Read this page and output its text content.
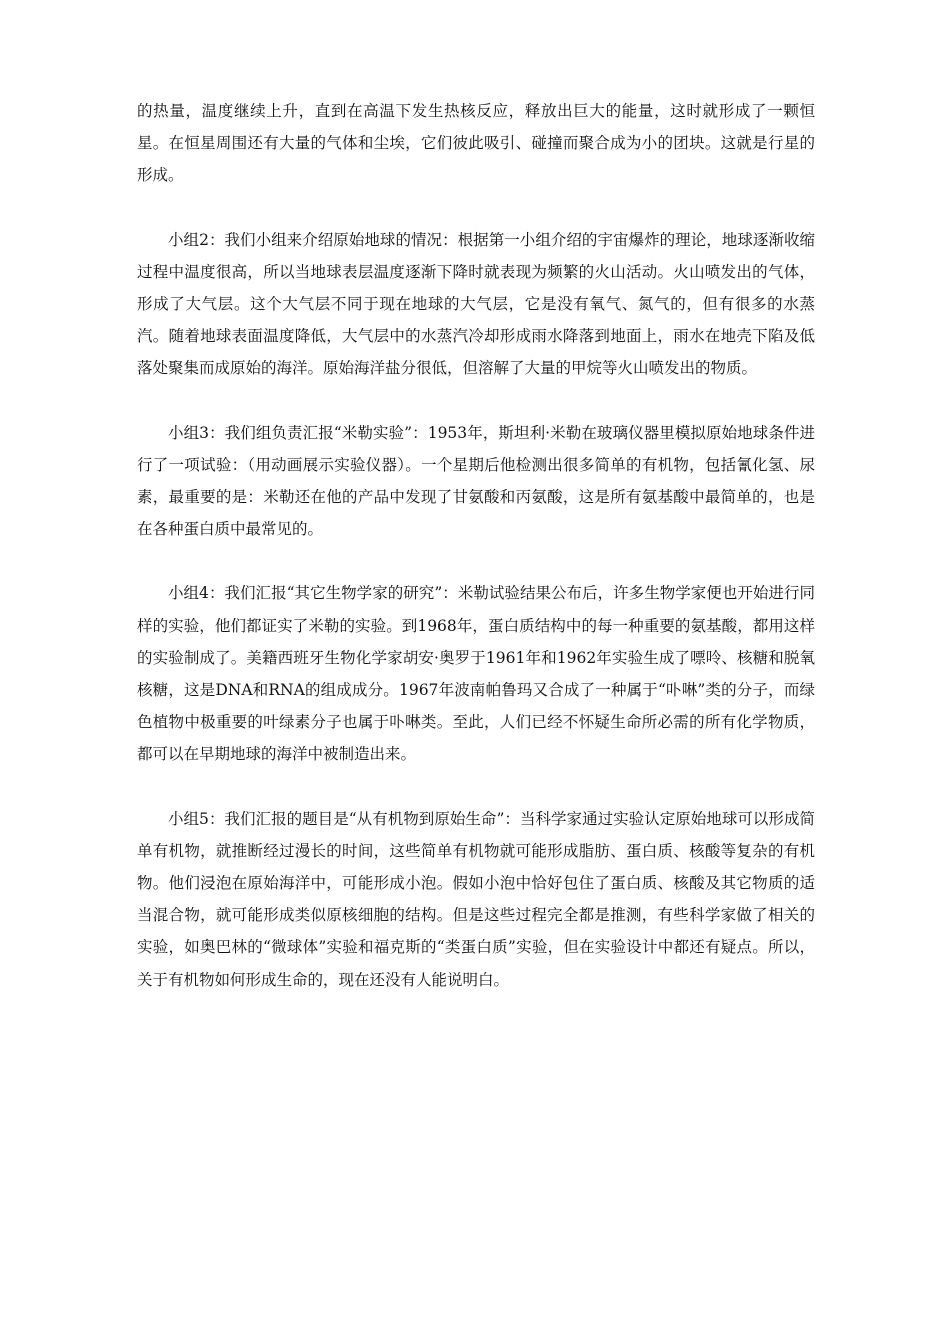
的热量，温度继续上升，直到在高温下发生热核反应，释放出巨大的能量，这时就形成了一颗恒星。在恒星周围还有大量的气体和尘埃，它们彼此吸引、碰撞而聚合成为小的团块。这就是行星的形成。

小组2：我们小组来介绍原始地球的情况：根据第一小组介绍的宇宙爆炸的理论，地球逐渐收缩过程中温度很高，所以当地球表层温度逐渐下降时就表现为频繁的火山活动。火山喷发出的气体，形成了大气层。这个大气层不同于现在地球的大气层，它是没有氧气、氮气的，但有很多的水蒸汽。随着地球表面温度降低，大气层中的水蒸汽冷却形成雨水降落到地面上，雨水在地壳下陷及低落处聚集而成原始的海洋。原始海洋盐分很低，但溶解了大量的甲烷等火山喷发出的物质。

小组3：我们组负责汇报“米勒实验”：1953年，斯坦利·米勒在玻璃仪器里模拟原始地球条件进行了一项试验：（用动画展示实验仪器）。一个星期后他检测出很多简单的有机物，包括氰化氢、尿素，最重要的是：米勒还在他的产品中发现了甘氨酸和丙氨酸，这是所有氨基酸中最简单的，也是在各种蛋白质中最常见的。

小组4：我们汇报“其它生物学家的研究”：米勒试验结果公布后，许多生物学家便也开始进行同样的实验，他们都证实了米勒的实验。到1968年，蛋白质结构中的每一种重要的氨基酸，都用这样的实验制成了。美籍西班牙生物化学家胡安·奥罗于1961年和1962年实验生成了嘌呤、核糖和脱氧核糖，这是DNA和RNA的组成成分。1967年波南帕鲁玛又合成了一种属于“卟啉”类的分子，而绿色植物中极重要的叶绿素分子也属于卟啉类。至此，人们已经不怀疑生命所必需的所有化学物质，都可以在早期地球的海洋中被制造出来。

小组5：我们汇报的题目是“从有机物到原始生命”：当科学家通过实验认定原始地球可以形成简单有机物，就推断经过漫长的时间，这些简单有机物就可能形成脂肪、蛋白质、核酸等复杂的有机物。他们浸泡在原始海洋中，可能形成小泡。假如小泡中恰好包住了蛋白质、核酸及其它物质的适当混合物，就可能形成类似原核细胞的结构。但是这些过程完全都是推测，有些科学家做了相关的实验，如奥巴林的“微球体”实验和福克斯的“类蛋白质”实验，但在实验设计中都还有疑点。所以，关于有机物如何形成生命的，现在还没有人能说明白。
